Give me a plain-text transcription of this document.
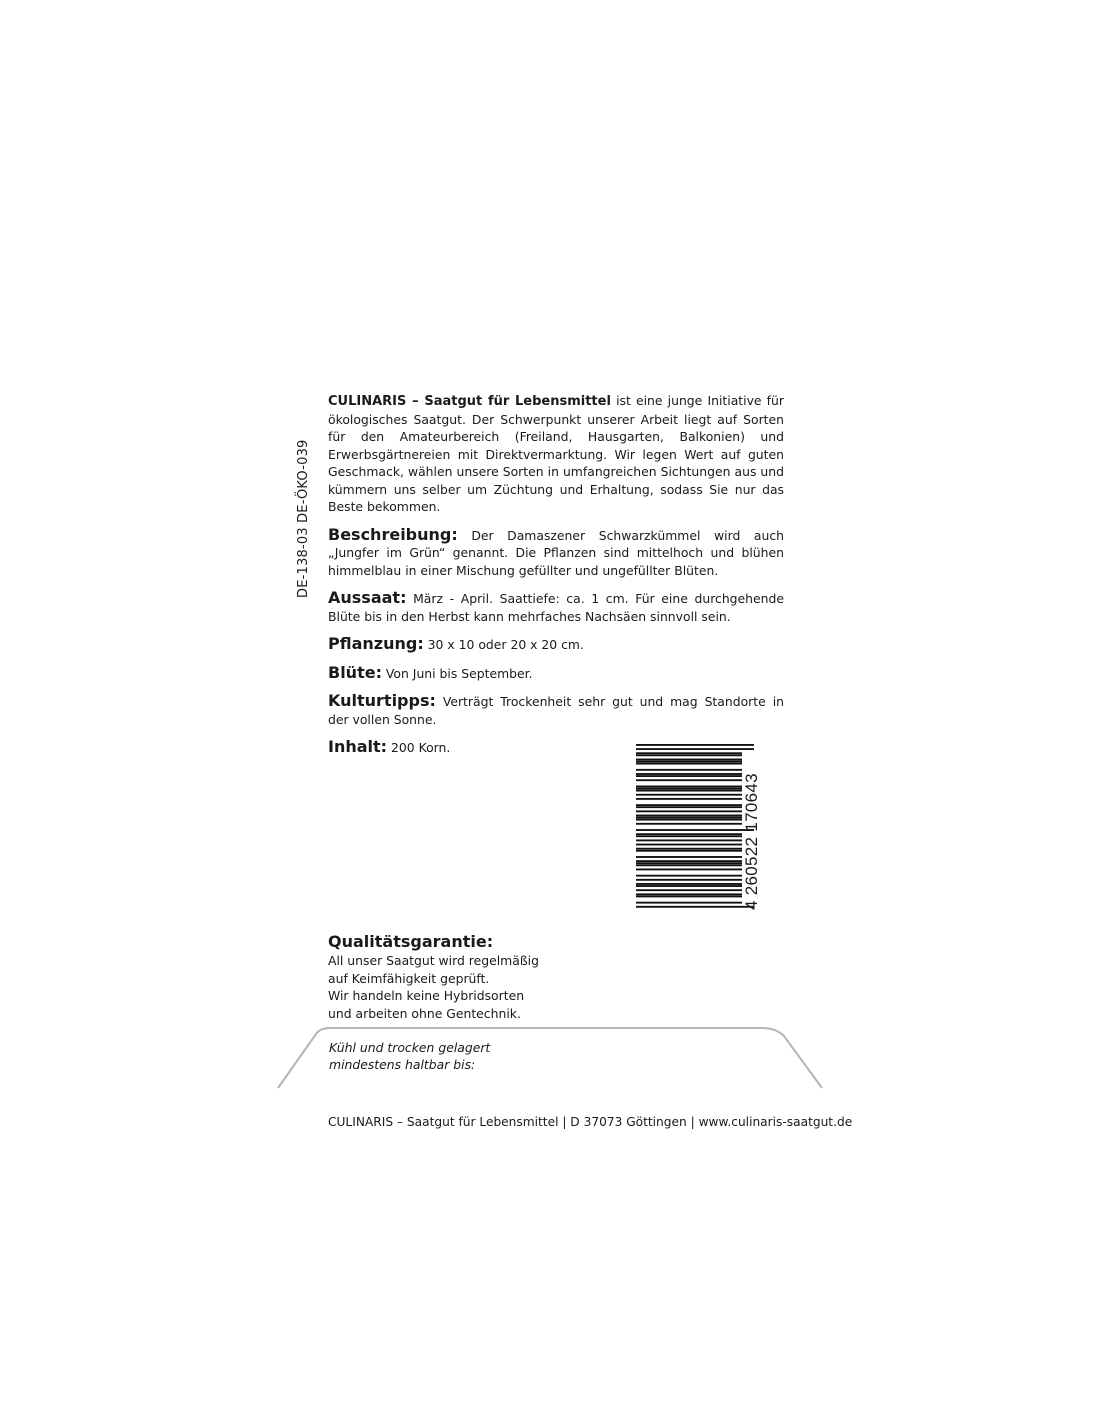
DE-138-03 DE-ÖKO-039

CULINARIS – Saatgut für Lebensmittel ist eine junge Initiative für ökologisches Saatgut. Der Schwerpunkt unserer Arbeit liegt auf Sorten für den Amateurbereich (Freiland, Hausgarten, Balkonien) und Erwerbsgärtnereien mit Direktvermarktung. Wir legen Wert auf guten Geschmack, wählen unsere Sorten in umfangreichen Sichtungen aus und kümmern uns selber um Züchtung und Erhaltung, sodass Sie nur das Beste bekommen.

Beschreibung: Der Damaszener Schwarzkümmel wird auch „Jungfer im Grün“ genannt. Die Pflanzen sind mittelhoch und blühen himmelblau in einer Mischung gefüllter und ungefüllter Blüten.

Aussaat: März - April. Saattiefe: ca. 1 cm. Für eine durchgehende Blüte bis in den Herbst kann mehrfaches Nachsäen sinnvoll sein.

Pflanzung: 30 x 10 oder 20 x 20 cm.

Blüte: Von Juni bis September.

Kulturtipps: Verträgt Trockenheit sehr gut und mag Standorte in der vollen Sonne.

Inhalt: 200 Korn.

4 260522 170643
Qualitätsgarantie:
All unser Saatgut wird regelmäßig
auf Keimfähigkeit geprüft.
Wir handeln keine Hybridsorten
und arbeiten ohne Gentechnik.
Kühl und trocken gelagert
mindestens haltbar bis:
CULINARIS – Saatgut für Lebensmittel | D 37073 Göttingen | www.culinaris-saatgut.de
